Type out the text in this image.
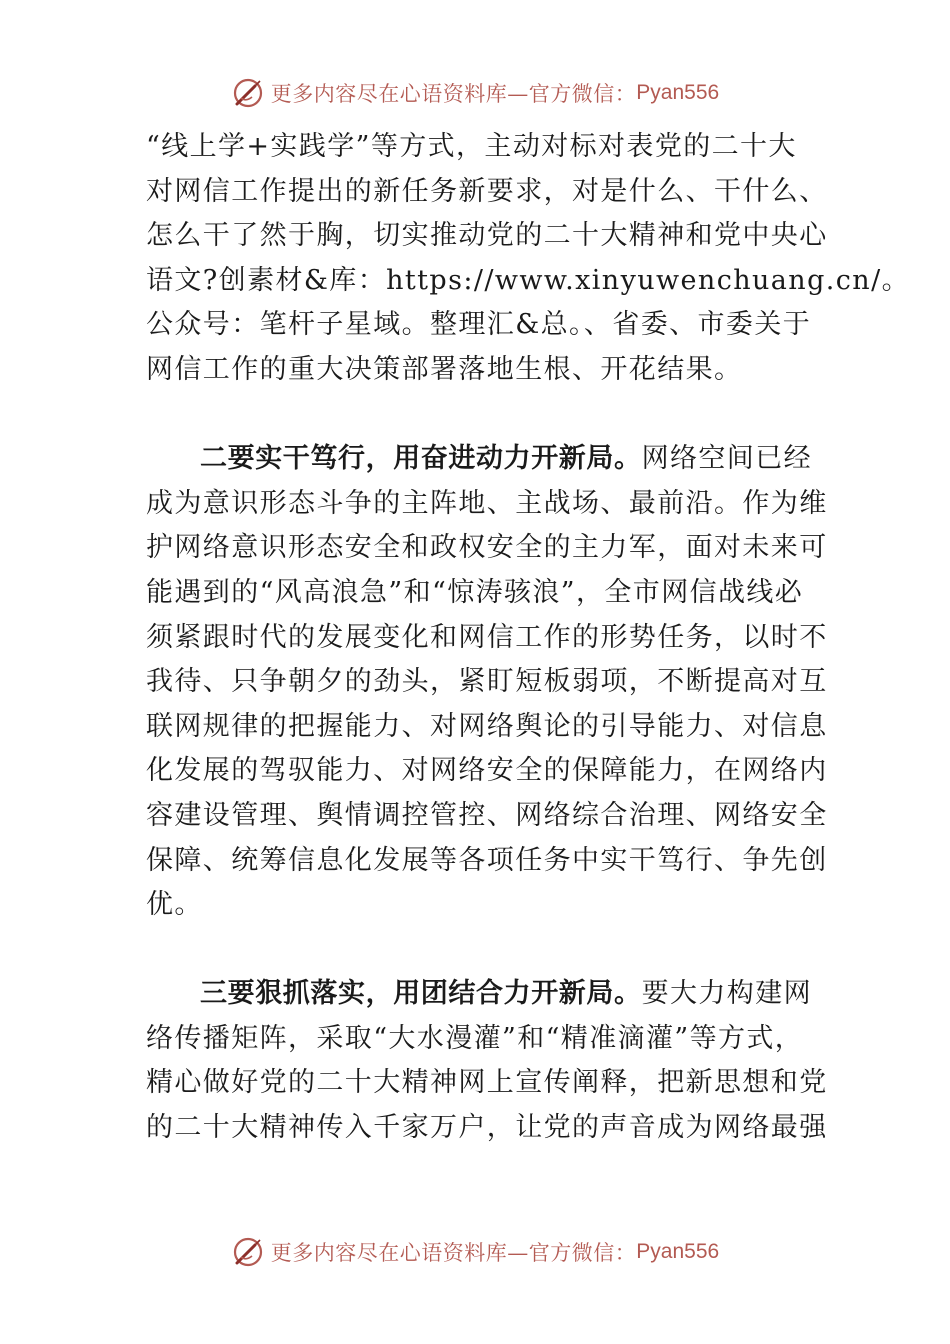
更多内容尽在心语资料库—官方微信： Pyan556
“线上学+实践学”等方式，主动对标对表党的二十大
对网信工作提出的新任务新要求，对是什么、干什么、
怎么干了然于胸，切实推动党的二十大精神和党中央心
语文?创素材&库：https://www.xinyuwenchuang.cn/。
公众号：笔杆子星域。整理汇&总。、省委、市委关于
网信工作的重大决策部署落地生根、开花结果。
二要实干笃行，用奋进动力开新局。网络空间已经
成为意识形态斗争的主阵地、主战场、最前沿。作为维
护网络意识形态安全和政权安全的主力军，面对未来可
能遇到的“风高浪急”和“惊涛骇浪”，全市网信战线必
须紧跟时代的发展变化和网信工作的形势任务，以时不
我待、只争朝夕的劲头，紧盯短板弱项，不断提高对互
联网规律的把握能力、对网络舆论的引导能力、对信息
化发展的驾驭能力、对网络安全的保障能力，在网络内
容建设管理、舆情调控管控、网络综合治理、网络安全
保障、统筹信息化发展等各项任务中实干笃行、争先创
优。
三要狠抓落实，用团结合力开新局。要大力构建网
络传播矩阵，采取“大水漫灌”和“精准滴灌”等方式，
精心做好党的二十大精神网上宣传阐释，把新思想和党
的二十大精神传入千家万户，让党的声音成为网络最强
更多内容尽在心语资料库—官方微信： Pyan556
